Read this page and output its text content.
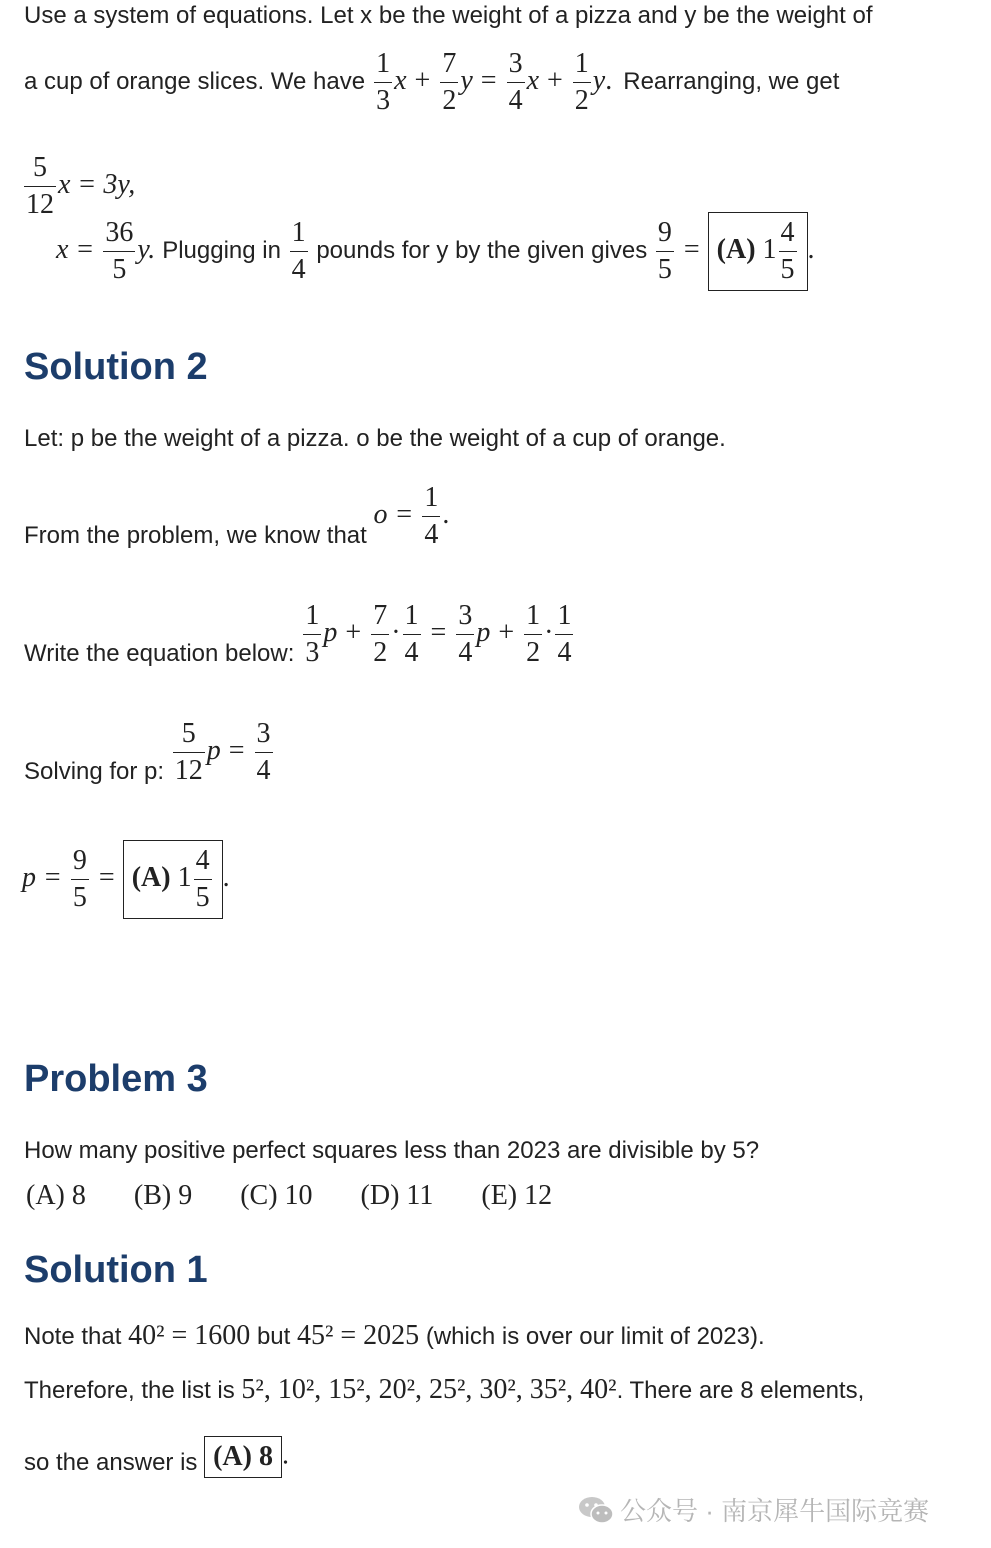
Use a system of equations. Let x be the weight of a pizza and y be the weight of
a cup of orange slices. We have $\frac{1}{3}$ $x + \frac{7}{2}$ $y = \frac{3}{4}$ $x + \frac{1}{2} y$. Rearranging, we get
$\frac{5}{12}$ x = 3y,
$x = \frac{36}{5} y$. Plugging in $\frac{1}{4}$ pounds for y by the given gives $\frac{9}{5} = (A)$ $1 \frac{4}{5}$ .
Solution 2
Let: p be the weight of a pizza. o be the weight of a cup of orange.
From the problem, we know that $o = \frac{1}{4}$ .
Write the equation below: $\frac{1}{3}$ $p + \frac{7}{2} \cdot \frac{1}{4} = \frac{3}{4}$ $p + \frac{1}{2} \cdot \frac{1}{4}$
Solving for p: $\frac{5}{12}$ $p = \frac{3}{4}$
$p = \frac{9}{5} = (A)$ $1 \frac{4}{5}$ .
Problem 3
How many positive perfect squares less than 2023 are divisible by 5?
(A) 8 (B) 9 (C) 10 (D) 11 (E) 12
Solution 1
Note that 40² = 1600 but 45² = 2025 (which is over our limit of 2023).
Therefore, the list is 5², 10², 15², 20², 25², 30², 35², 40². There are 8 elements,
so the answer is (A) 8 .
公众号 · 南京犀牛国际竞赛
